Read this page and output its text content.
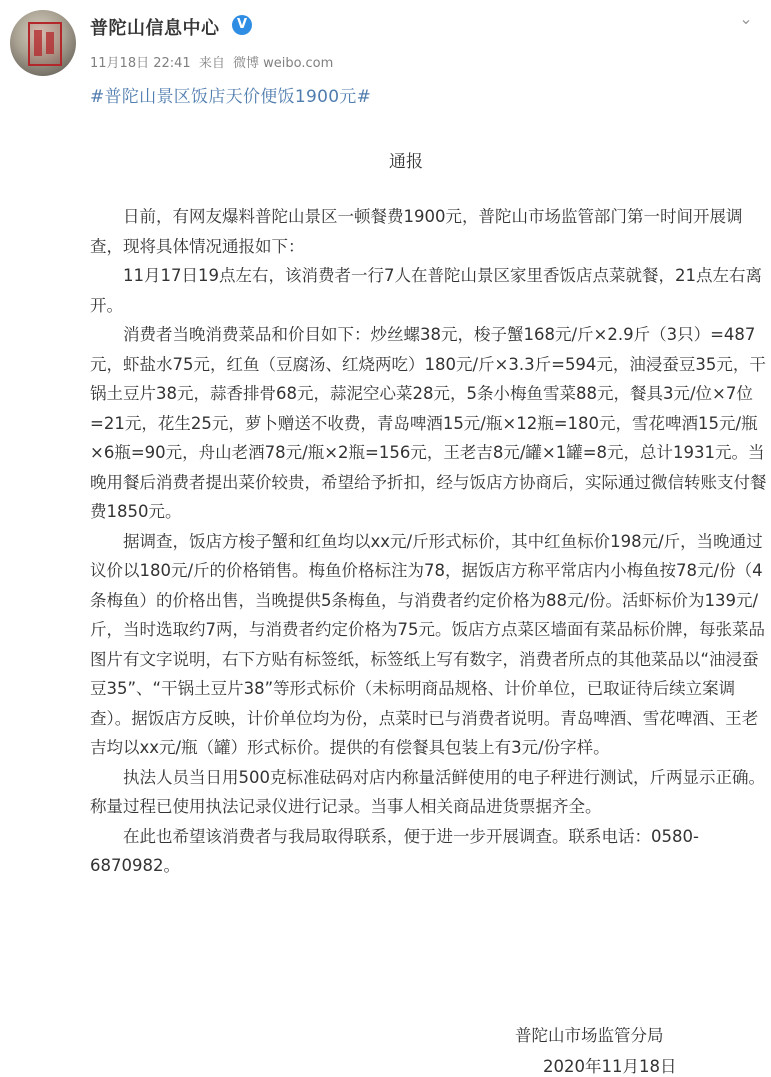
普陀山信息中心	V	⌄
11月18日 22:41 来自 微博 weibo.com
#普陀山景区饭店天价便饭1900元#
通报

日前，有网友爆料普陀山景区一顿餐费1900元，普陀山市场监管部门第一时间开展调查，现将具体情况通报如下：

11月17日19点左右，该消费者一行7人在普陀山景区家里香饭店点菜就餐，21点左右离开。

消费者当晚消费菜品和价目如下：炒丝螺38元，梭子蟹168元/斤×2.9斤（3只）=487元，虾盐水75元，红鱼（豆腐汤、红烧两吃）180元/斤×3.3斤=594元，油浸蚕豆35元，干锅土豆片38元，蒜香排骨68元，蒜泥空心菜28元，5条小梅鱼雪菜88元，餐具3元/位×7位=21元，花生25元，萝卜赠送不收费，青岛啤酒15元/瓶×12瓶=180元，雪花啤酒15元/瓶×6瓶=90元，舟山老酒78元/瓶×2瓶=156元，王老吉8元/罐×1罐=8元，总计1931元。当晚用餐后消费者提出菜价较贵，希望给予折扣，经与饭店方协商后，实际通过微信转账支付餐费1850元。

据调查，饭店方梭子蟹和红鱼均以xx元/斤形式标价，其中红鱼标价198元/斤，当晚通过议价以180元/斤的价格销售。梅鱼价格标注为78，据饭店方称平常店内小梅鱼按78元/份（4条梅鱼）的价格出售，当晚提供5条梅鱼，与消费者约定价格为88元/份。活虾标价为139元/斤，当时选取约7两，与消费者约定价格为75元。饭店方点菜区墙面有菜品标价牌，每张菜品图片有文字说明，右下方贴有标签纸，标签纸上写有数字，消费者所点的其他菜品以“油浸蚕豆35”、“干锅土豆片38”等形式标价（未标明商品规格、计价单位，已取证待后续立案调查）。据饭店方反映，计价单位均为份，点菜时已与消费者说明。青岛啤酒、雪花啤酒、王老吉均以xx元/瓶（罐）形式标价。提供的有偿餐具包装上有3元/份字样。

执法人员当日用500克标准砝码对店内称量活鲜使用的电子秤进行测试，斤两显示正确。称量过程已使用执法记录仪进行记录。当事人相关商品进货票据齐全。

在此也希望该消费者与我局取得联系，便于进一步开展调查。联系电话：0580-6870982。

普陀山市场监管分局
2020年11月18日
